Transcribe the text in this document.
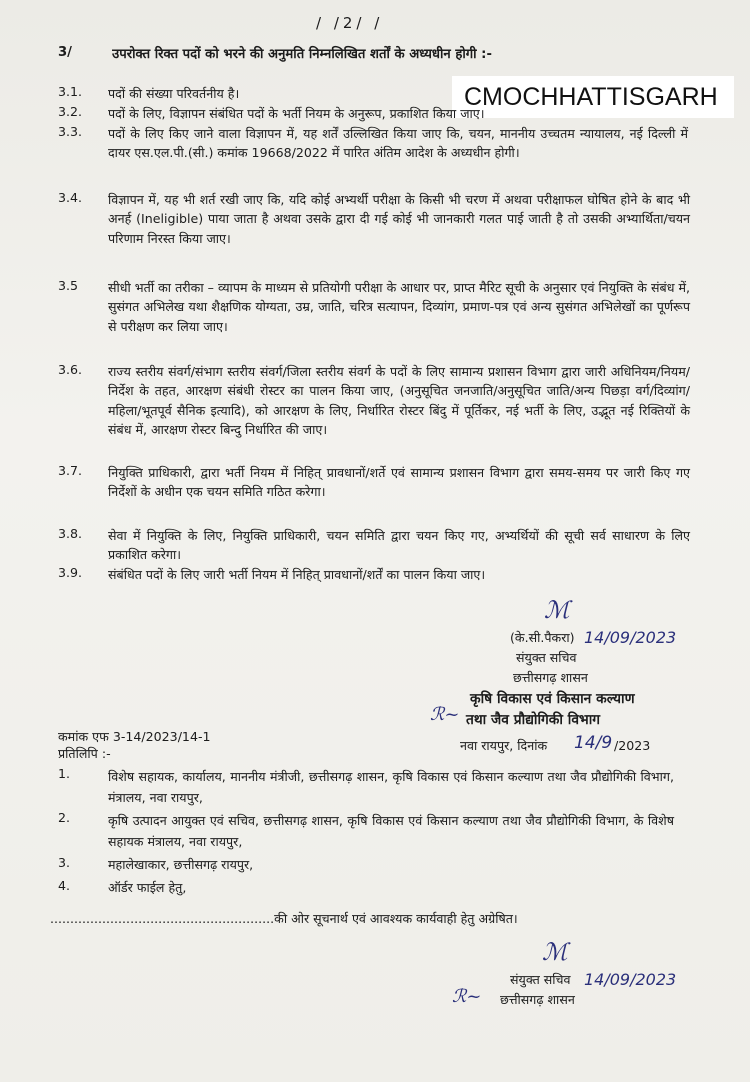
/ /2/ /
CMOCHHATTISGARH
3/	उपरोक्त रिक्त पदों को भरने की अनुमति निम्नलिखित शर्तों के अध्यधीन होगी :-
3.1. पदों की संख्या परिवर्तनीय है।
3.2. पदों के लिए, विज्ञापन संबंधित पदों के भर्ती नियम के अनुरूप, प्रकाशित किया जाए।
3.3. पदों के लिए किए जाने वाला विज्ञापन में, यह शर्तें उल्लिखित किया जाए कि, चयन, माननीय उच्चतम न्यायालय, नई दिल्ली में दायर एस.एल.पी.(सी.) कमांक 19668/2022 में पारित अंतिम आदेश के अध्यधीन होगी।
3.4. विज्ञापन में, यह भी शर्त रखी जाए कि, यदि कोई अभ्यर्थी परीक्षा के किसी भी चरण में अथवा परीक्षाफल घोषित होने के बाद भी अनर्ह (Ineligible) पाया जाता है अथवा उसके द्वारा दी गई कोई भी जानकारी गलत पाई जाती है तो उसकी अभ्यार्थिता/चयन परिणाम निरस्त किया जाए।
3.5 सीधी भर्ती का तरीका – व्यापम के माध्यम से प्रतियोगी परीक्षा के आधार पर, प्राप्त मैरिट सूची के अनुसार एवं नियुक्ति के संबंध में, सुसंगत अभिलेख यथा शैक्षणिक योग्यता, उम्र, जाति, चरित्र सत्यापन, दिव्यांग, प्रमाण-पत्र एवं अन्य सुसंगत अभिलेखों का पूर्णरूप से परीक्षण कर लिया जाए।
3.6. राज्य स्तरीय संवर्ग/संभाग स्तरीय संवर्ग/जिला स्तरीय संवर्ग के पदों के लिए सामान्य प्रशासन विभाग द्वारा जारी अधिनियम/नियम/निर्देश के तहत, आरक्षण संबंधी रोस्टर का पालन किया जाए, (अनुसूचित जनजाति/अनुसूचित जाति/अन्य पिछड़ा वर्ग/दिव्यांग/महिला/भूतपूर्व सैनिक इत्यादि), को आरक्षण के लिए, निर्धारित रोस्टर बिंदु में पूर्तिकर, नई भर्ती के लिए, उद्भूत नई रिक्तियों के संबंध में, आरक्षण रोस्टर बिन्दु निर्धारित की जाए।
3.7. नियुक्ति प्राधिकारी, द्वारा भर्ती नियम में निहित् प्रावधानों/शर्ते एवं सामान्य प्रशासन विभाग द्वारा समय-समय पर जारी किए गए निर्देशों के अधीन एक चयन समिति गठित करेगा।
3.8. सेवा में नियुक्ति के लिए, नियुक्ति प्राधिकारी, चयन समिति द्वारा चयन किए गए, अभ्यर्थियों की सूची सर्व साधारण के लिए प्रकाशित करेगा।
3.9. संबंधित पदों के लिए जारी भर्ती नियम में निहित् प्रावधानों/शर्तें का पालन किया जाए।
ℳ
(के.सी.पैकरा) 14/09/2023
संयुक्त सचिव
छत्तीसगढ़ शासन
कृषि विकास एवं किसान कल्याण
ℛ~ तथा जैव प्रौद्योगिकी विभाग
नवा रायपुर, दिनांक 14/9 /2023
कमांक एफ 3-14/2023/14-1
प्रतिलिपि :-
1.	विशेष सहायक, कार्यालय, माननीय मंत्रीजी, छत्तीसगढ़ शासन, कृषि विकास एवं किसान कल्याण तथा जैव प्रौद्योगिकी विभाग, मंत्रालय, नवा रायपुर,
2.	कृषि उत्पादन आयुक्त एवं सचिव, छत्तीसगढ़ शासन, कृषि विकास एवं किसान कल्याण तथा जैव प्रौद्योगिकी विभाग, के विशेष सहायक मंत्रालय, नवा रायपुर,
3.	महालेखाकार, छत्तीसगढ़ रायपुर,
4.	ऑर्डर फाईल हेतु,
........................................................की ओर सूचनार्थ एवं आवश्यक कार्यवाही हेतु अग्रेषित।
ℳ
संयुक्त सचिव 14/09/2023
ℛ~ छत्तीसगढ़ शासन
